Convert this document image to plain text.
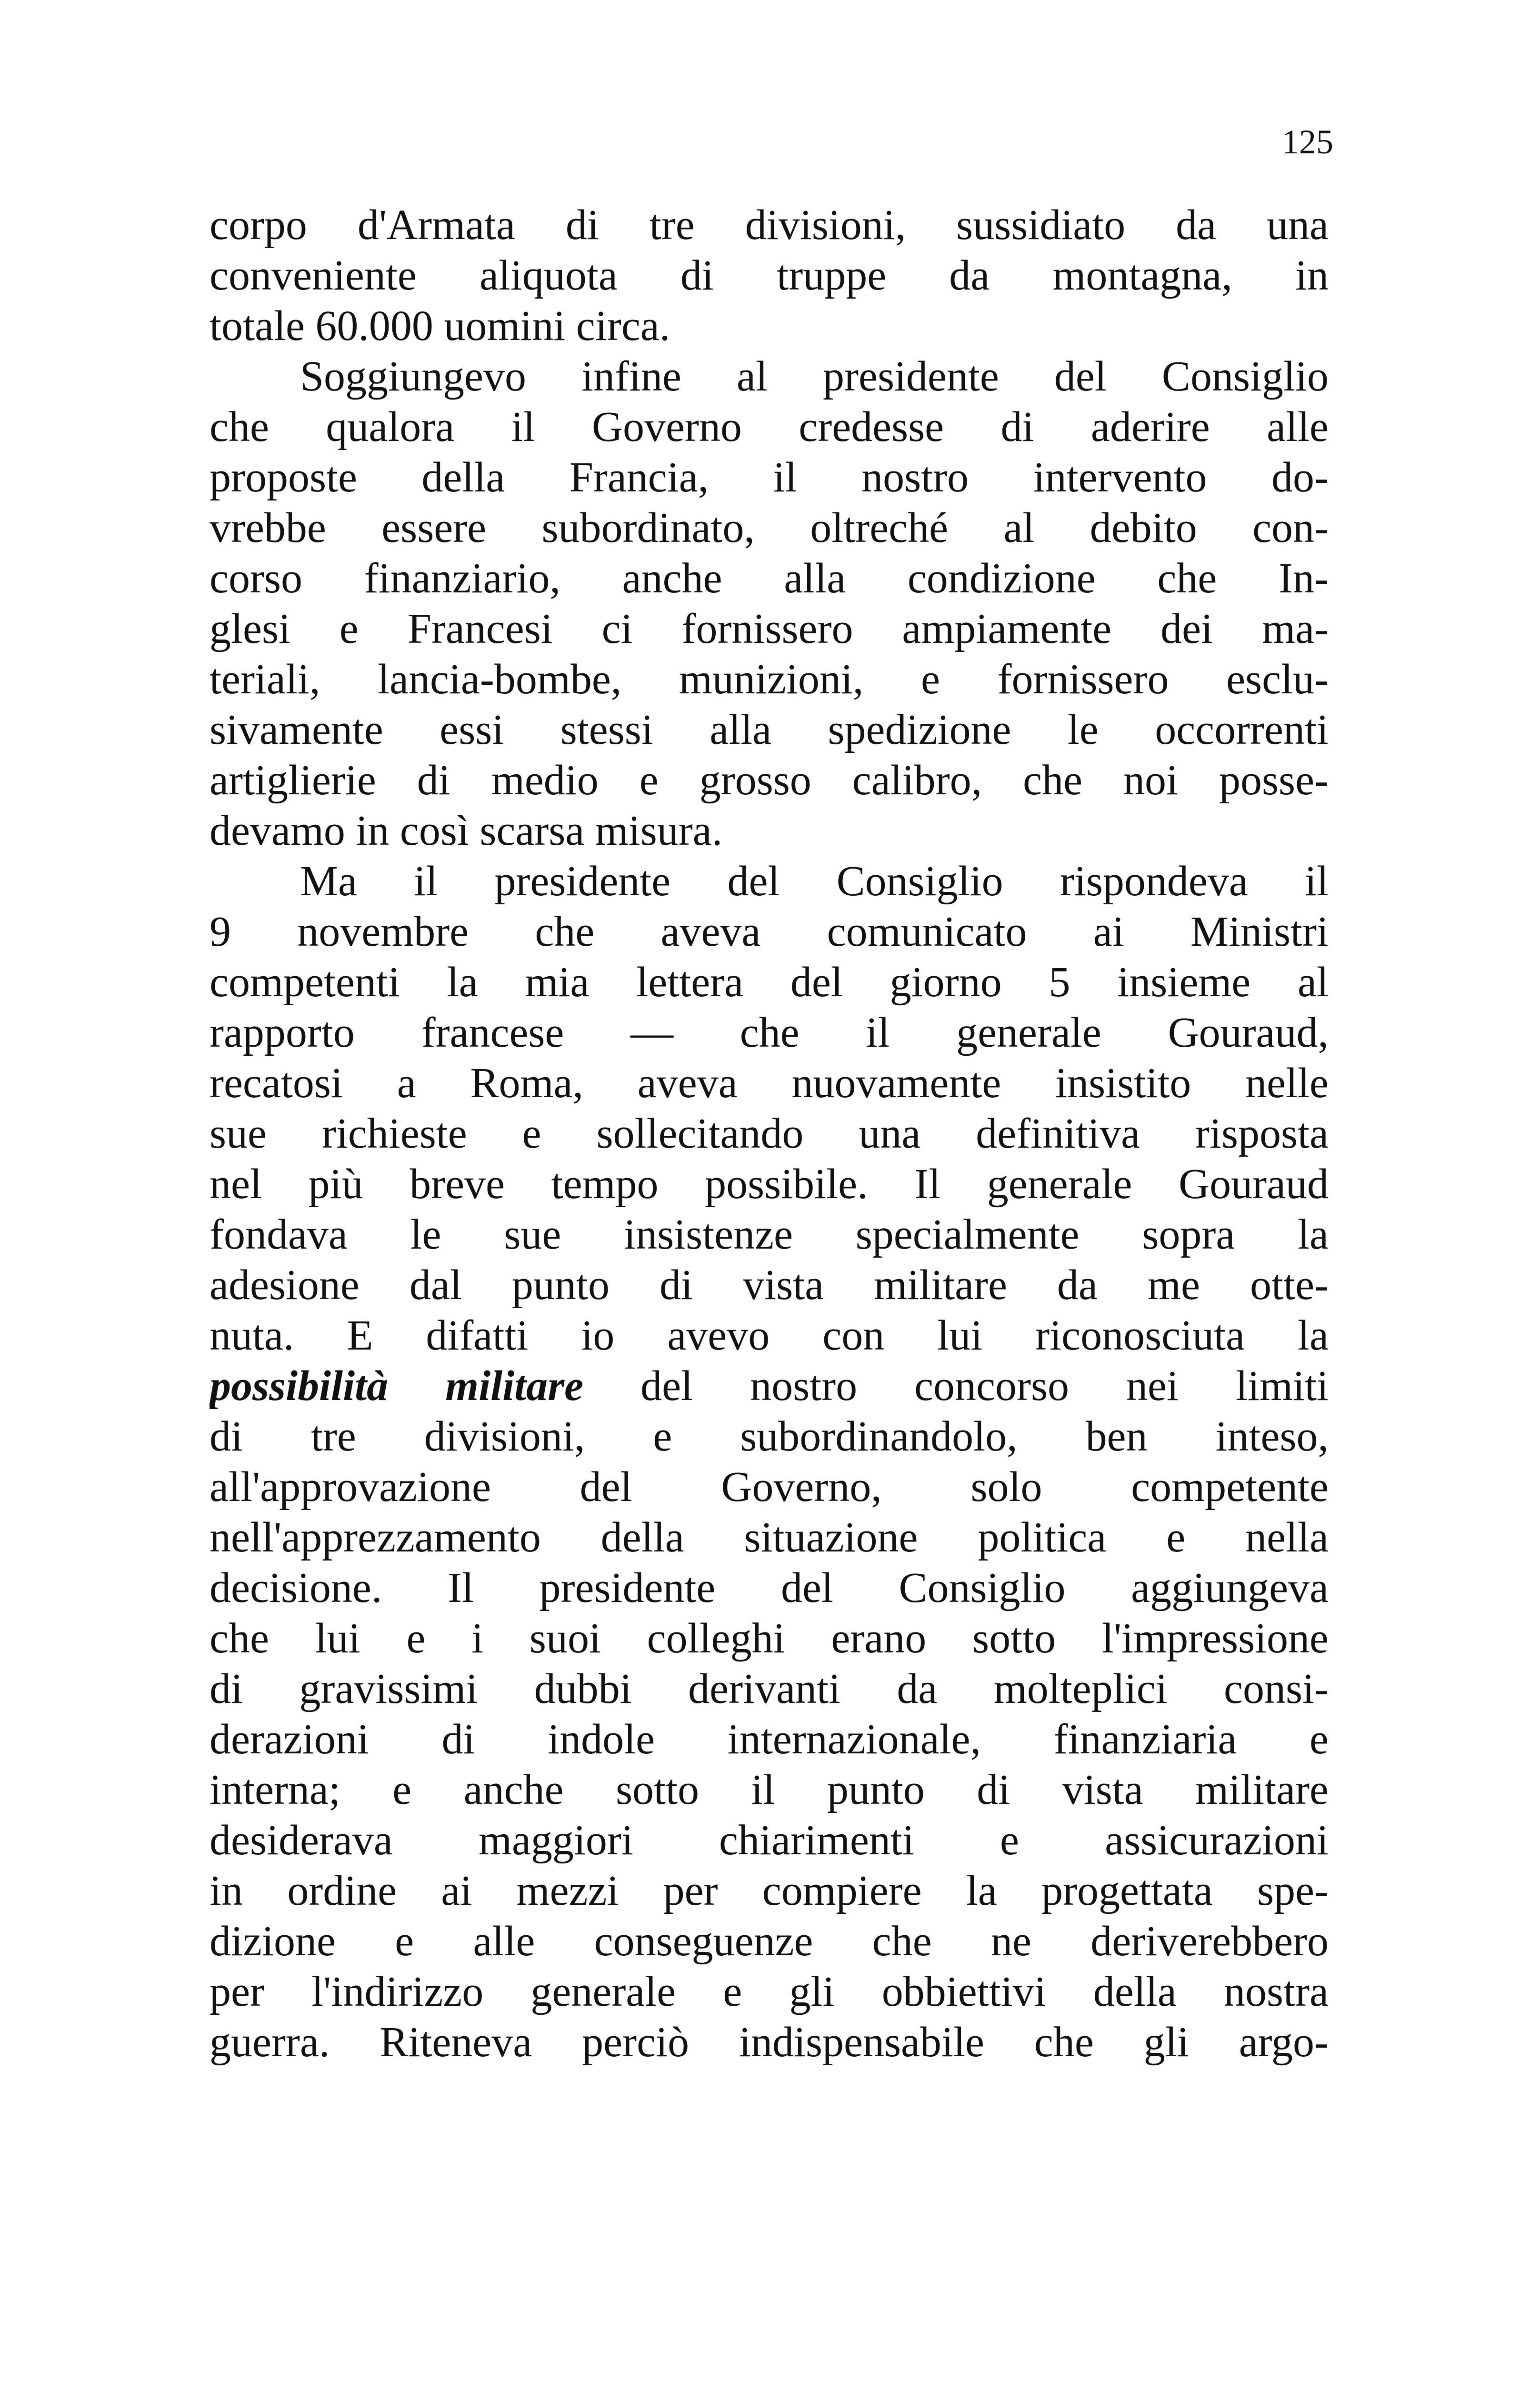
125
corpo d'Armata di tre divisioni, sussidiato da una
conveniente aliquota di truppe da montagna, in
totale 60.000 uomini circa.
Soggiungevo infine al presidente del Consiglio
che qualora il Governo credesse di aderire alle
proposte della Francia, il nostro intervento do-
vrebbe essere subordinato, oltreché al debito con-
corso finanziario, anche alla condizione che In-
glesi e Francesi ci fornissero ampiamente dei ma-
teriali, lancia-bombe, munizioni, e fornissero esclu-
sivamente essi stessi alla spedizione le occorrenti
artiglierie di medio e grosso calibro, che noi posse-
devamo in così scarsa misura.
Ma il presidente del Consiglio rispondeva il
9 novembre che aveva comunicato ai Ministri
competenti la mia lettera del giorno 5 insieme al
rapporto francese — che il generale Gouraud,
recatosi a Roma, aveva nuovamente insistito nelle
sue richieste e sollecitando una definitiva risposta
nel più breve tempo possibile. Il generale Gouraud
fondava le sue insistenze specialmente sopra la
adesione dal punto di vista militare da me otte-
nuta. E difatti io avevo con lui riconosciuta la
possibilità militare del nostro concorso nei limiti
di tre divisioni, e subordinandolo, ben inteso,
all'approvazione del Governo, solo competente
nell'apprezzamento della situazione politica e nella
decisione. Il presidente del Consiglio aggiungeva
che lui e i suoi colleghi erano sotto l'impressione
di gravissimi dubbi derivanti da molteplici consi-
derazioni di indole internazionale, finanziaria e
interna; e anche sotto il punto di vista militare
desiderava maggiori chiarimenti e assicurazioni
in ordine ai mezzi per compiere la progettata spe-
dizione e alle conseguenze che ne deriverebbero
per l'indirizzo generale e gli obbiettivi della nostra
guerra. Riteneva perciò indispensabile che gli argo-
